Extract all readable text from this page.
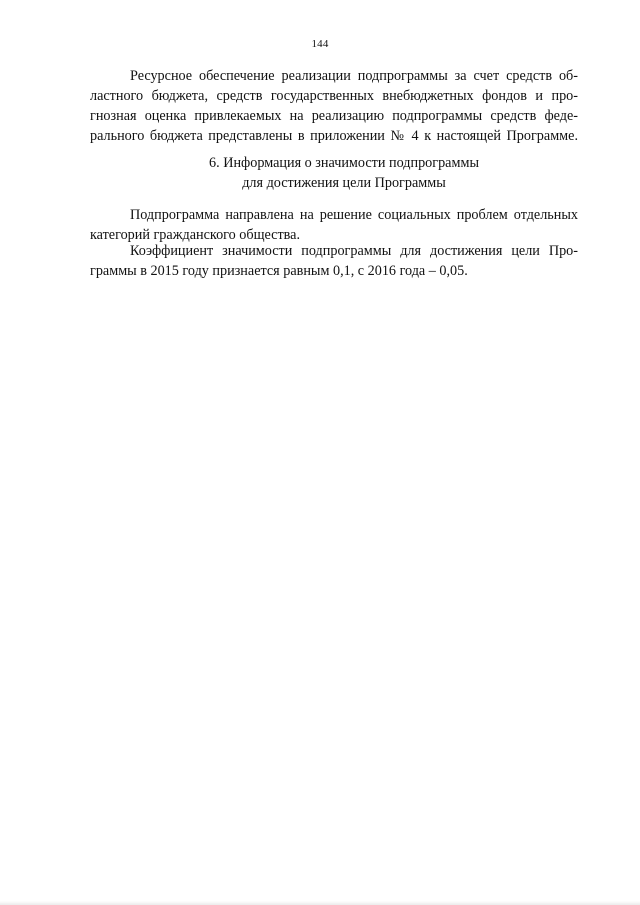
144
Ресурсное обеспечение реализации подпрограммы за счет средств об-
ластного бюджета, средств государственных внебюджетных фондов и про-
гнозная оценка привлекаемых на реализацию подпрограммы средств феде-
рального бюджета представлены в приложении № 4 к настоящей Программе.
6. Информация о значимости подпрограммы
для достижения цели Программы
Подпрограмма направлена на решение социальных проблем отдельных
категорий гражданского общества.
Коэффициент значимости подпрограммы для достижения цели Про-
граммы в 2015 году признается равным 0,1, с 2016 года – 0,05.
